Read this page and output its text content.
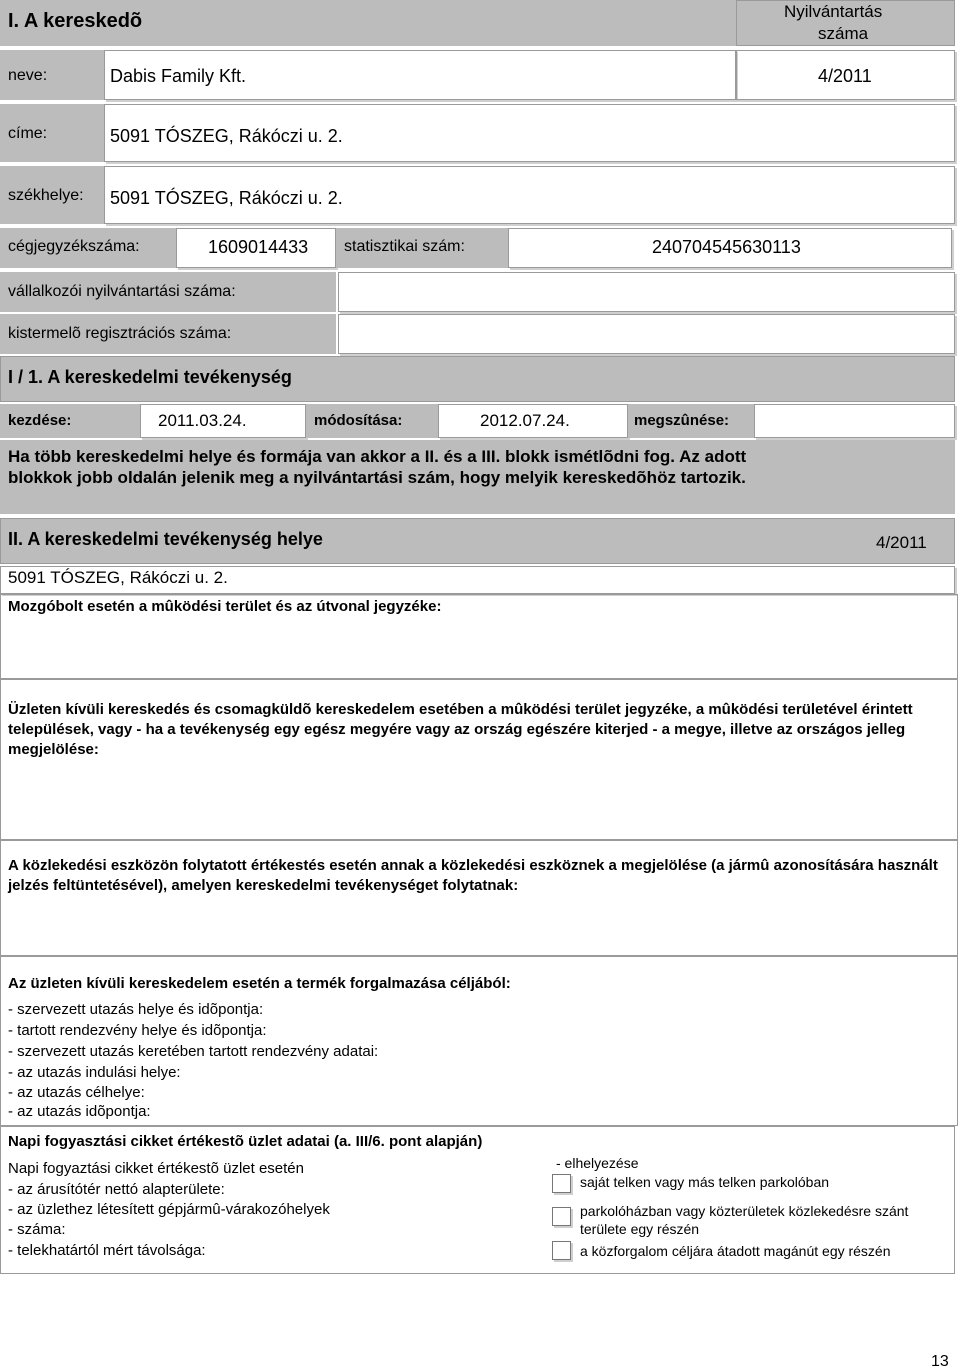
I. A kereskedõ	Nyilvántartás
száma
neve:	Dabis Family Kft.	4/2011
címe:	5091 TÓSZEG, Rákóczi u. 2.
székhelye: 5091 TÓSZEG, Rákóczi u. 2.
cégjegyzékszáma:	1609014433 statisztikai szám:	240704545630113
vállalkozói nyilvántartási száma:
kistermelõ regisztrációs száma:
I / 1. A kereskedelmi tevékenység
kezdése:	2011.03.24.	módosítása:	2012.07.24.	megszûnése:
Ha több kereskedelmi helye és formája van akkor a II. és a III. blokk ismétlõdni fog. Az adott blokkok jobb oldalán jelenik meg a nyilvántartási szám, hogy melyik kereskedõhöz tartozik.
II. A kereskedelmi tevékenység helye	4/2011
5091 TÓSZEG, Rákóczi u. 2.
Mozgóbolt esetén a mûködési terület és az útvonal jegyzéke:
Üzleten kívüli kereskedés és csomagküldõ kereskedelem esetében a mûködési terület jegyzéke, a mûködési területével érintett települések, vagy - ha a tevékenység egy egész megyére vagy az ország egészére kiterjed - a megye, illetve az országos jelleg megjelölése:
A közlekedési eszközön folytatott értékestés esetén annak a közlekedési eszköznek a megjelölése (a jármû azonosítására használt jelzés feltüntetésével), amelyen kereskedelmi tevékenységet folytatnak:
Az üzleten kívüli kereskedelem esetén a termék forgalmazása céljából:
- szervezett utazás helye és idõpontja:
- tartott rendezvény helye és idõpontja:
- szervezett utazás keretében tartott rendezvény adatai:
- az utazás indulási helye:
- az utazás célhelye:
- az utazás idõpontja:
Napi fogyasztási cikket értékestõ üzlet adatai (a. III/6. pont alapján)
Napi fogyaztási cikket értékestõ üzlet esetén
- az árusítótér nettó alapterülete:
- az üzlethez létesített gépjármû-várakozóhelyek
- száma:
- telekhatártól mért távolsága:
- elhelyezése
saját telken vagy más telken parkolóban
parkolóházban vagy közterületek közlekedésre szánt területe egy részén
a közforgalom céljára átadott magánút egy részén
13
